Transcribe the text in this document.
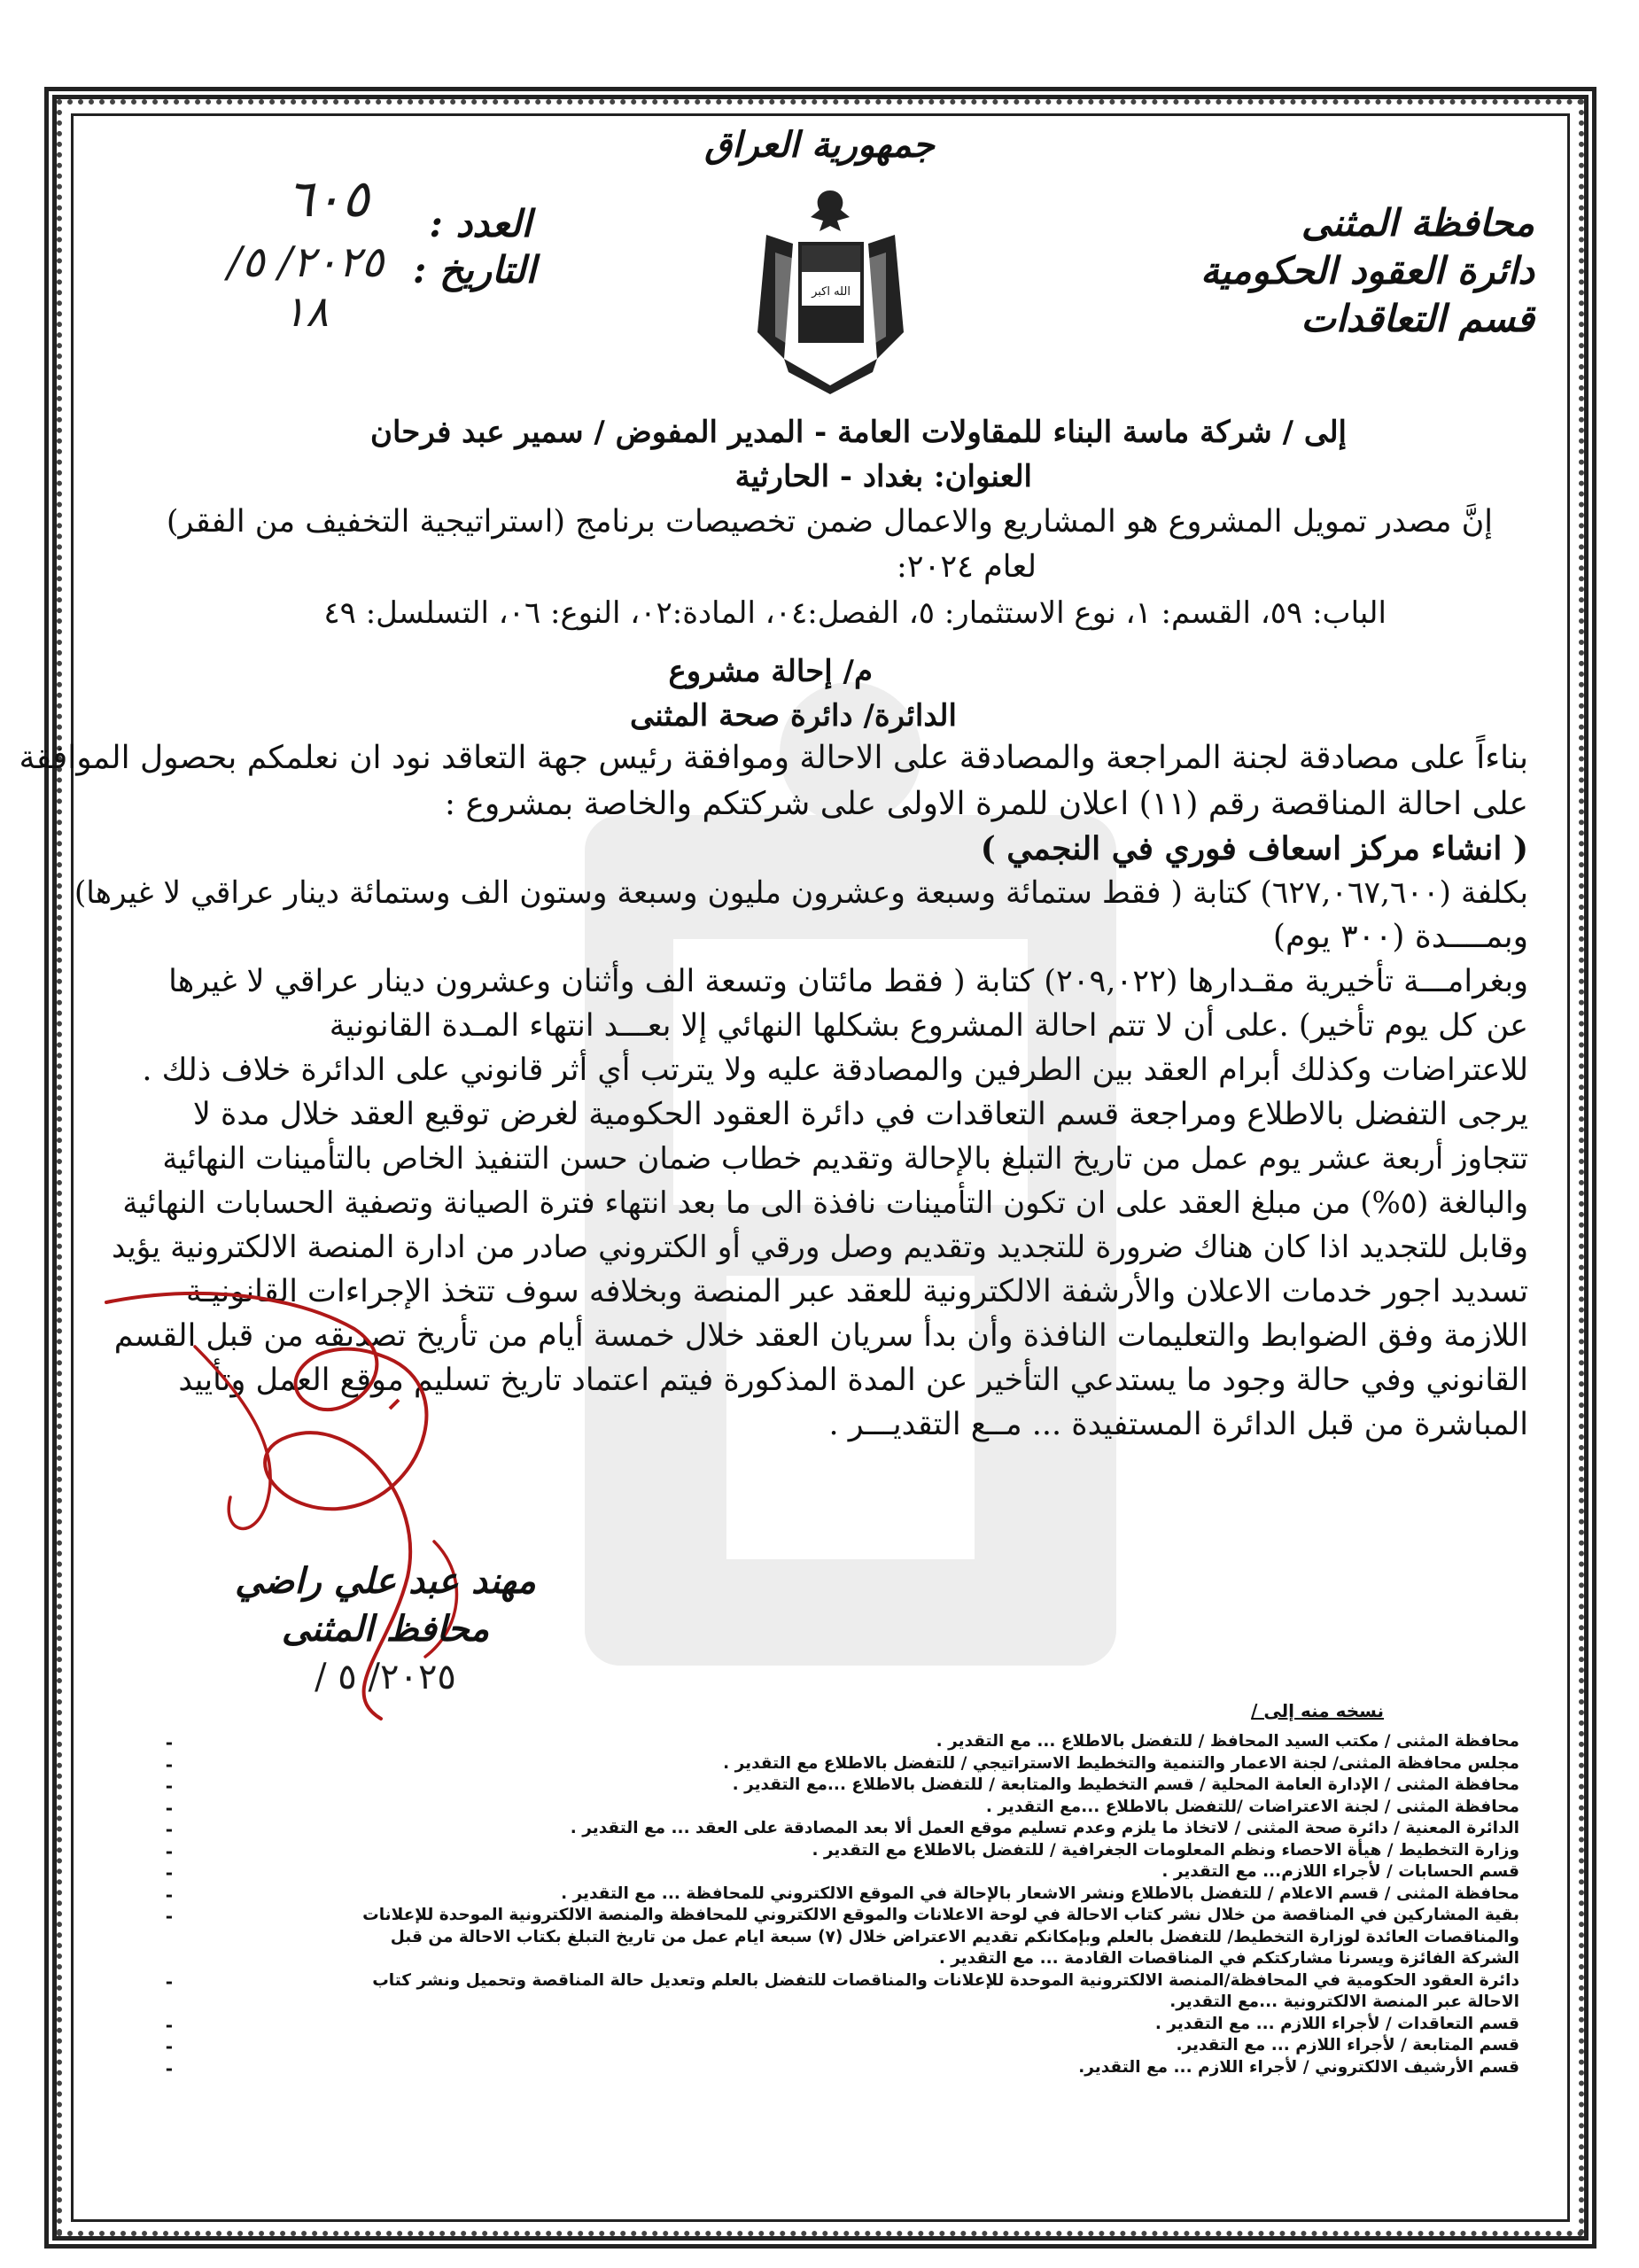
جمهورية العراق
محافظة المثنى
دائرة العقود الحكومية
قسم التعاقدات
العدد :
٦٠٥
التاريخ :
٢٠٢٥/ ٥/ ١٨	الله اكبر
إلى / شركة ماسة البناء للمقاولات العامة - المدير المفوض / سمير عبد فرحان
العنوان: بغداد - الحارثية
إنَّ مصدر تمويل المشروع هو المشاريع والاعمال ضمن تخصيصات برنامج (استراتيجية التخفيف من الفقر)
لعام ٢٠٢٤:
الباب: ٥٩، القسم: ١، نوع الاستثمار: ٥، الفصل:٠٤، المادة:٠٢، النوع: ٠٦، التسلسل: ٤٩
م/ إحالة مشروع
الدائرة/ دائرة صحة المثنى
بناءاً على مصادقة لجنة المراجعة والمصادقة على الاحالة وموافقة رئيس جهة التعاقد نود ان نعلمكم بحصول الموافقة
على احالة المناقصة رقم (١١) اعلان للمرة الاولى على شركتكم والخاصة بمشروع :
( انشاء مركز اسعاف فوري في النجمي )
بكلفة (٦٢٧,٠٦٧,٦٠٠) كتابة ( فقط ستمائة وسبعة وعشرون مليون وسبعة وستون الف وستمائة دينار عراقي لا غيرها)
وبمــــدة (٣٠٠ يوم)
وبغرامـــة تأخيرية مقـدارها (٢٠٩,٠٢٢) كتابة ( فقط مائتان وتسعة الف وأثنان وعشرون دينار عراقي لا غيرها
عن كل يوم تأخير) .على أن لا تتم احالة المشروع بشكلها النهائي إلا بعـــد انتهاء المـدة القانونية
للاعتراضات وكذلك أبرام العقد بين الطرفين والمصادقة عليه ولا يترتب أي أثر قانوني على الدائرة خلاف ذلك .
يرجى التفضل بالاطلاع ومراجعة قسم التعاقدات في دائرة العقود الحكومية لغرض توقيع العقد خلال مدة لا
تتجاوز أربعة عشر يوم عمل من تاريخ التبلغ بالإحالة وتقديم خطاب ضمان حسن التنفيذ الخاص بالتأمينات النهائية
والبالغة (٥%) من مبلغ العقد على ان تكون التأمينات نافذة الى ما بعد انتهاء فترة الصيانة وتصفية الحسابات النهائية
وقابل للتجديد اذا كان هناك ضرورة للتجديد وتقديم وصل ورقي أو الكتروني صادر من ادارة المنصة الالكترونية يؤيد
تسديد اجور خدمات الاعلان والأرشفة الالكترونية للعقد عبر المنصة وبخلافه سوف تتخذ الإجراءات القانونيـة
اللازمة وفق الضوابط والتعليمات النافذة وأن بدأ سريان العقد خلال خمسة أيام من تأريخ تصديقه من قبل القسم
القانوني وفي حالة وجود ما يستدعي التأخير عن المدة المذكورة فيتم اعتماد تاريخ تسليم موقع العمل وتأييد
المباشرة من قبل الدائرة المستفيدة ... مــع التقديـــر .
مهند عبد علي راضي
محافظ المثنى
٢٠٢٥/ ٥ /
نسخه منه إلى /
محافظة المثنى / مكتب السيد المحافظ / للتفضل بالاطلاع ... مع التقدير .
مجلس محافظة المثنى/ لجنة الاعمار والتنمية والتخطيط الاستراتيجي / للتفضل بالاطلاع مع التقدير .
محافظة المثنى / الإدارة العامة المحلية / قسم التخطيط والمتابعة / للتفضل بالاطلاع ...مع التقدير .
محافظة المثنى / لجنة الاعتراضات /للتفضل بالاطلاع ...مع التقدير .
الدائرة المعنية / دائرة صحة المثنى / لاتخاذ ما يلزم وعدم تسليم موقع العمل ألا بعد المصادقة على العقد ... مع التقدير .
وزارة التخطيط / هيأة الاحصاء ونظم المعلومات الجغرافية / للتفضل بالاطلاع مع التقدير .
قسم الحسابات / لأجراء اللازم... مع التقدير .
محافظة المثنى / قسم الاعلام / للتفضل بالاطلاع ونشر الاشعار بالإحالة في الموقع الالكتروني للمحافظة ... مع التقدير .
بقية المشاركين في المناقصة من خلال نشر كتاب الاحالة في لوحة الاعلانات والموقع الالكتروني للمحافظة والمنصة الالكترونية الموحدة للإعلانات
والمناقصات العائدة لوزارة التخطيط/ للتفضل بالعلم وبإمكانكم تقديم الاعتراض خلال (٧) سبعة ايام عمل من تاريخ التبلغ بكتاب الاحالة من قبل
الشركة الفائزة ويسرنا مشاركتكم في المناقصات القادمة ... مع التقدير .
دائرة العقود الحكومية في المحافظة/المنصة الالكترونية الموحدة للإعلانات والمناقصات للتفضل بالعلم وتعديل حالة المناقصة وتحميل ونشر كتاب
الاحالة عبر المنصة الالكترونية ...مع التقدير.
قسم التعاقدات / لأجراء اللازم ... مع التقدير .
قسم المتابعة / لأجراء اللازم ... مع التقدير.
قسم الأرشيف الالكتروني / لأجراء اللازم ... مع التقدير.
-
-
-
-
-
-
-
-
-

-

-
-
-
